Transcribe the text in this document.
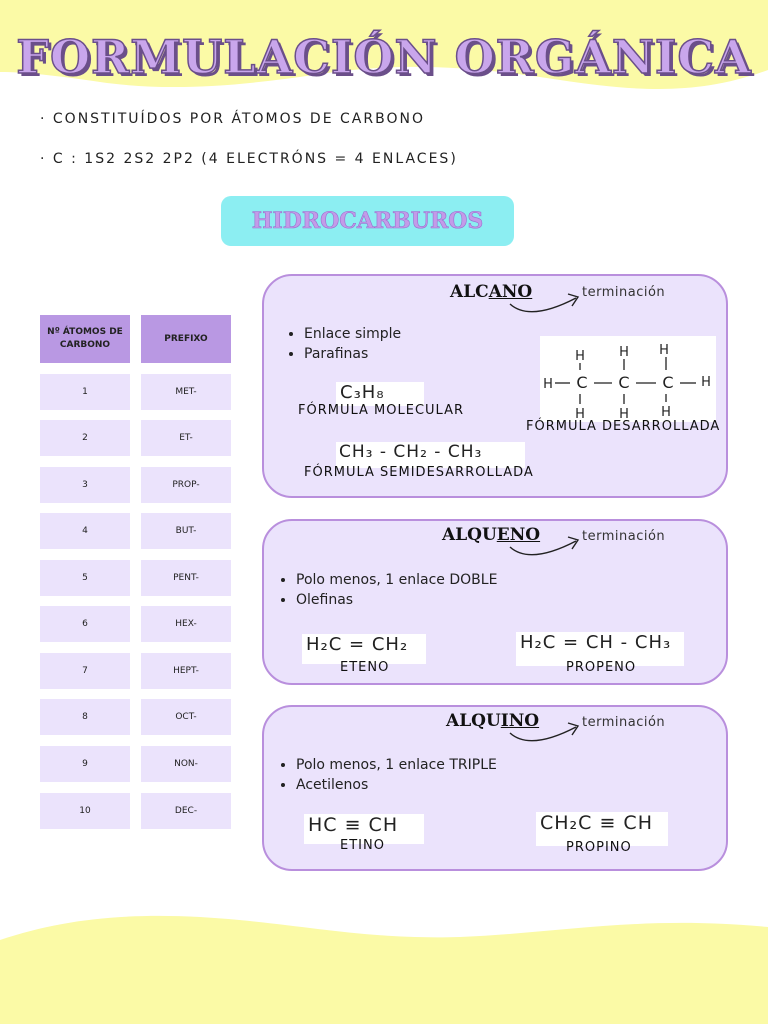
FORMULACIÓN ORGÁNICA
· CONSTITUÍDOS POR ÁTOMOS DE CARBONO
· C : 1S2 2S2 2P2 (4 ELECTRÓNS = 4 ENLACES)
HIDROCARBUROS
Nº ÁTOMOS DE CARBONO
PREFIXO
1	MET-
2	ET-
3	PROP-
4	BUT-
5	PENT-
6	HEX-
7	HEPT-
8	OCT-
9	NON-
10	DEC-
ALCANO	terminación
• Enlace simple
• Parafinas
C₃H₈
FÓRMULA MOLECULAR
H	H H
H C C C H
H	H H
FÓRMULA DESARROLLADA
CH₃ - CH₂ - CH₃
FÓRMULA SEMIDESARROLLADA
ALQUENO	terminación
• Polo menos, 1 enlace DOBLE
• Olefinas
H₂C = CH₂
ETENO
H₂C = CH - CH₃
PROPENO
ALQUINO	terminación
• Polo menos, 1 enlace TRIPLE
• Acetilenos
HC ≡ CH
ETINO
CH₂C ≡ CH
PROPINO
